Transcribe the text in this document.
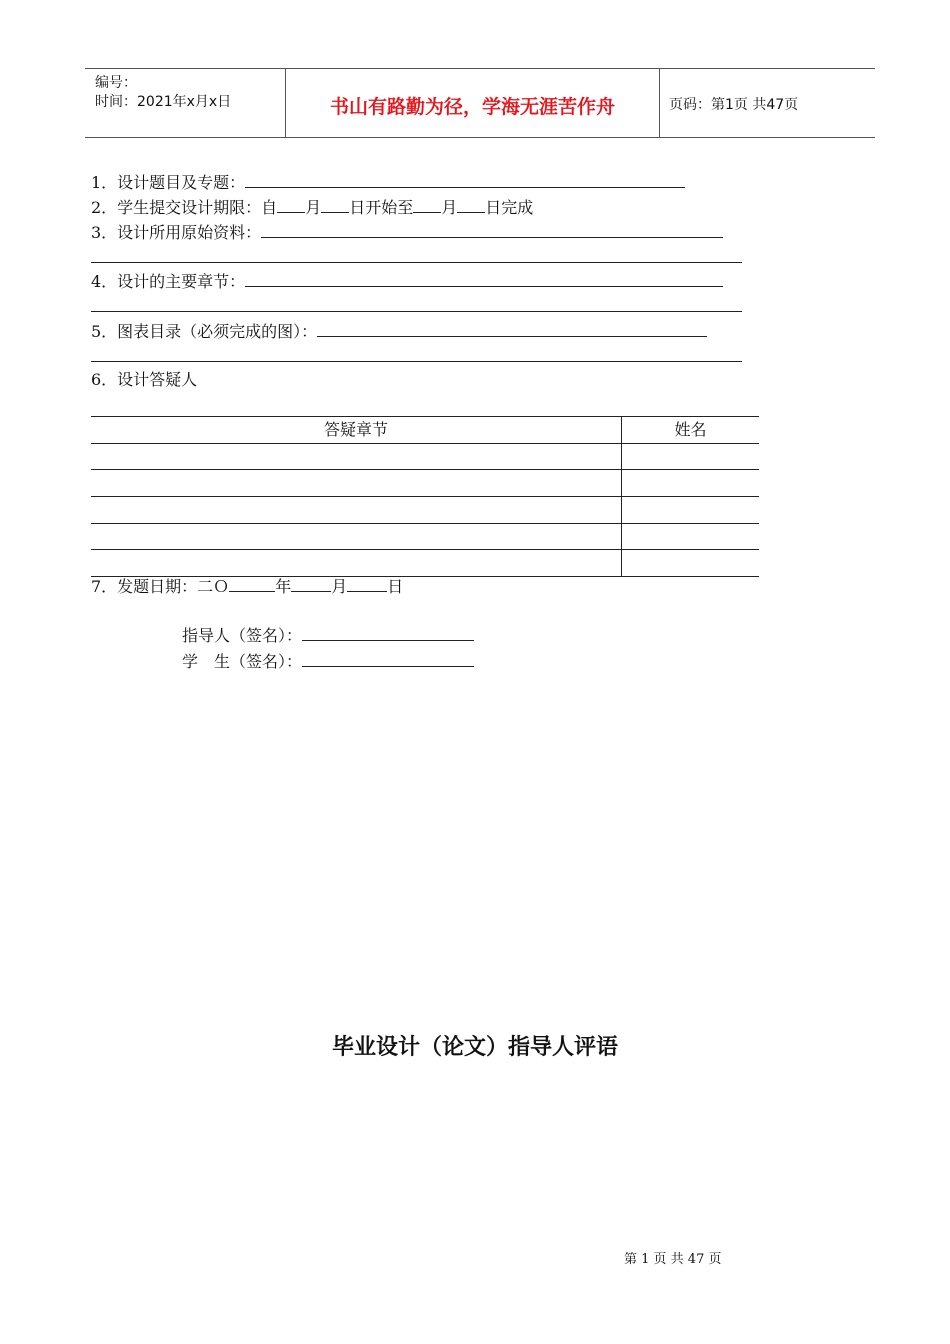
编号：
时间：2021年x月x日	书山有路勤为径，学海无涯苦作舟	页码：第1页 共47页
1．设计题目及专题：
2．学生提交设计期限：自 月 日开始至 月 日完成
3．设计所用原始资料：
4．设计的主要章节：
5．图表目录（必须完成的图）：
6．设计答疑人
答疑章节	姓名
7．发题日期：二Ｏ	年	月	日
指导人（签名）：
学　生（签名）：
毕业设计（论文）指导人评语
第 1 页 共 47 页
